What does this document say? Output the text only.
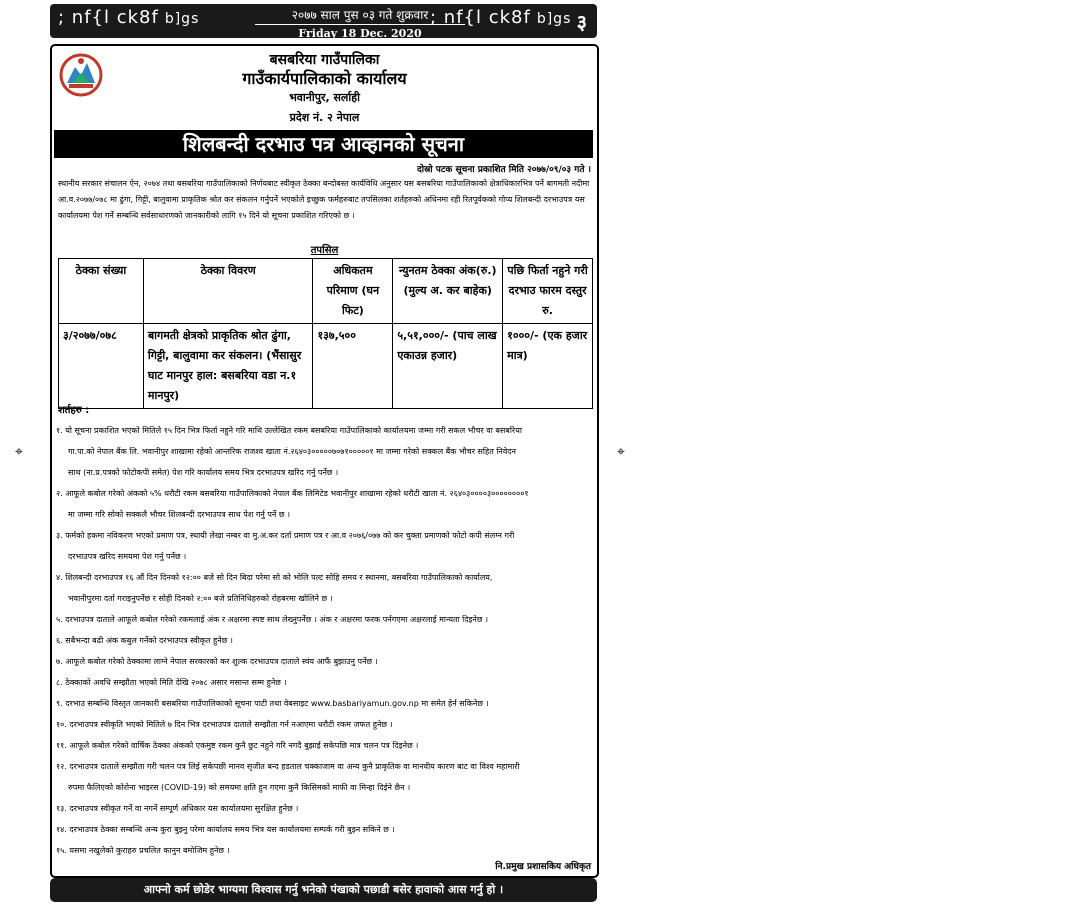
; nf{l ck8f b]gs	२०७७ साल पुस ०३ गते शुक्रवार
Friday 18 Dec. 2020
; nf{l ck8f b]gs ३
बसबरिया गाउँपालिका
गाउँकार्यपालिकाको कार्यालय
भवानीपुर, सर्लाही
प्रदेश नं. २ नेपाल
शिलबन्दी दरभाउ पत्र आव्हानको सूचना
दोस्रो पटक सूचना प्रकाशित मिति २०७७/०९/०३ गते ।
स्थानीय सरकार संचालन ऐन, २०७४ तथा बसबरिया गाउँपालिकाको निर्णयबाट स्वीकृत ठेक्का बन्दोबस्त कार्यविधि अनुसार यस बसबरिया गाउँपालिकाको क्षेत्राधिकारभित्र पर्ने बागमती नदीमा आ.व.२०७७/०७८ मा ढुंगा, गिट्टी, बालुवामा प्राकृतिक श्रोत कर संकलन गर्नुपर्ने भएकोले इच्छुक फर्महरुबाट तपसिलका शर्तहरुको अधिनमा रही रितपूर्वकको गोप्य शिलबन्दी दरभाउपत्र यस कार्यालयमा पेश गर्ने सम्बन्धि सर्वसाधारणको जानकारीको लागि १५ दिने यो सूचना प्रकाशित गरिएको छ ।
तपसिल
ठेक्का संख्या	ठेक्का विवरण	अधिकतम परिमाण (घन फिट)	न्युनतम ठेक्का अंक(रु.) (मुल्य अ. कर बाहेक)	पछि फिर्ता नहुने गरी दरभाउ फारम दस्तुर रु.
३/२०७७/०७८	बागमती क्षेत्रको प्राकृतिक श्रोत ढुंगा, गिट्टी, बालुवामा कर संकलन। (भैंसासुर घाट मानपुर हाल: बसबरिया वडा न.१ मानपुर)	१३७,५००	५,५१,०००/- (पाच लाख एकाउन्न हजार)	१०००/- (एक हजार मात्र)
शर्तहरु :
१. यो सूचना प्रकाशित भएको मितिले १५ दिन भित्र फिर्ता नहुने गरि माथि उल्लेखित रकम बसबरिया गाउँपालिकाको कार्यालयमा जम्मा गरी सकल भौचर वा बसबरिया
गा.पा.को नेपाल बैंक लि. भवानीपुर शाखामा रहेको आन्तरिक राजश्व खाता नं.२६४०३०००००७०७१०००००१ मा जम्मा गरेको सक्कल बैंक भौचर सहित निवेदन
साथ (ना.प्र.पत्रको फोटोकपी समेत) पेश गरि कार्यालय समय भित्र दरभाउपत्र खरिद गर्नु पर्नेछ ।
२. आफूले कबोल गरेको अंकको ५% धरौटी रकम बसबरिया गाउँपालिकाको नेपाल बैंक लिमिटेड भवानीपुर शाखामा रहेको धरौटी खाता नं. २६४०३००००३००००००००१
मा जम्मा गरि सोको सक्कलै भौचर शिलबन्दी दरभाउपत्र साथ पेश गर्नु पर्ने छ ।
३. फर्मको हकमा नविकरण भएको प्रमाण पत्र, स्थायी लेखा नम्बर वा मु.अ.कर दर्ता प्रमाण पत्र र आ.व २०७६/०७७ को कर चुक्ता प्रमाणको फोटो कपी संलग्न गरी
दरभाउपत्र खरिद समयमा पेश गर्नु पर्नेछ ।
४. शिलबन्दी दरभाउपत्र १६ औं दिन दिनको १२:०० बजे सो दिन बिदा परेमा सो को भोलि पल्ट सोहि समय र स्थानमा, बसबरिया गाउँपालिकाको कार्यालय,
भवानीपुरमा दर्ता गराइनुपर्नेछ र सोही दिनको २:०० बजे प्रतिनिधिहरुको रोहबरमा खोलिने छ ।
५. दरभाउपत्र दाताले आफूले कबोल गरेको रकमलाई अंक र अक्षरमा स्पष्ट साथ लेख्नुपर्नेछ । अंक र अक्षरमा फरक पर्नगएमा अक्षरलाई मान्यता दिइनेछ ।
६. सबैभन्दा बढी अंक कबुल गर्नेको दरभाउपत्र स्वीकृत हुनेछ ।
७. आफूले कबोल गरेको ठेक्कामा लाग्ने नेपाल सरकारको कर शुल्क दरभाउपत्र दाताले स्वंय आफैं बुझाउनु पर्नेछ ।
८. ठेक्काको अवधि सम्झौता भएको मिति देखि २०७८ असार मसान्त सम्म हुनेछ ।
९. दरभाउ सम्बन्धि विस्तृत जानकारी बसबरिया गाउँपालिकाको सूचना पाटी तथा वेबसाइट www.basbariyamun.gov.np मा समेत हेर्न सकिनेछ ।
१०. दरभाउपत्र स्वीकृति भएको मितिले ७ दिन भित्र दरभाउपत्र दाताले सम्झौता गर्न नआएमा धरौटी रकम जफत हुनेछ ।
११. आफूले कबोल गरेको वार्षिक ठेक्का अंकको एकमुष्ट रकम कुनै छुट नहुने गरि नगदै बुझाई सकेपछि मात्र चलन पत्र दिइनेछ ।
१२. दरभाउपत्र दाताले सम्झौता गरी चलन पत्र लिई सकेपछी मानव सृजीत बन्द हडताल चक्काजाम वा अन्य कुनै प्राकृतिक वा मानवीय कारण बाट वा विश्व महामारी
रुपमा फैलिएको कोरोना भाइरस (COVID-19) को समयमा क्षति हुन गएमा कुनै किसिमको माफी वा मिन्हा दिईने छैन ।
१३. दरभाउपत्र स्वीकृत गर्ने वा नगर्ने सम्पूर्ण अधिकार यस कार्यालयमा सुरक्षित हुनेछ ।
१४. दरभाउपत्र ठेक्का सम्बन्धि अन्य कुरा बुझ्नु परेमा कार्यालय समय भित्र यस कार्यालयमा सम्पर्क गरी बुझ्न सकिने छ ।
१५. यसमा नखुलेको कुराहरु प्रचलित कानुन बमोजिम हुनेछ ।
नि.प्रमुख प्रशासकिय अधिकृत
आफ्नो कर्म छोडेर भाग्यमा विश्वास गर्नु भनेको पंखाको पछाडी बसेर हावाको आस गर्नु हो ।
⌖	⌖
